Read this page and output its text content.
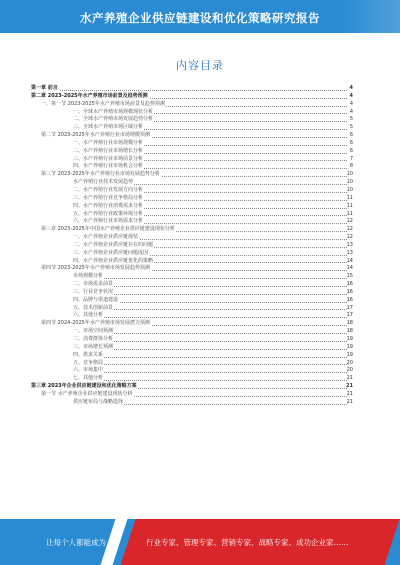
水产养殖企业供应链建设和优化策略研究报告
内容目录
第一章 前言	4
第二章 2023-2025年水产养殖市场前景及趋势预测	4
一、第一节 2023-2025年水产养殖市场前景及趋势预测	4
一、全球水产养殖市场规模现状分析	4
二、全球水产养殖市场发展趋势分析	5
三、全球水产养殖市场区域分析	5
第二节 2023-2025年水产养殖行业市场规模预测	6
一、水产养殖行业市场规模分析	6
二、水产养殖行业市场增长分析	6
三、水产养殖行业市场前景分析	7
四、水产养殖行业市场机会分析	8
第三节 2023-2025年水产养殖行业市场发展趋势分析	10
水产养殖行业技术发展趋势	10
二、水产养殖行业发展方向分析	10
三、水产养殖行业竞争格局分析	11
四、水产养殖行业消费需求分析	11
五、水产养殖行业政策环境分析	11
六、水产养殖行业市场需求分析	12
第三章 2023-2025年中国水产养殖企业供应链建设现状分析	12
一、水产养殖企业供应链现状	12
二、水产养殖企业供应链存在的问题	13
三、水产养殖企业供应链问题成因	13
四、水产养殖企业供应链优化的策略	14
第四节 2023-2025年水产养殖市场发展趋势预测	14
市场规模分析	15
二、市场需求前景	16
三、行业竞争状况	16
四、品牌与渠道建设	16
五、技术创新前景	17
六、其他分析	17
第四节 2024-2025年水产养殖市场发展潜力预测	18
一、市场空间预测	18
二、消费群体分析	19
三、市场增长预测	19
四、供求关系	19
五、竞争格局	20
六、市场集中	20
七、其他分析	21
第三章 2023年企业供应链建设和优化策略方案	21
第一节 水产养殖企业供应链建设现状分析	21
供应链布局与战略选择	21
让每个人都能成为	行业专家、管理专家、营销专家、战略专家、成功企业家……
